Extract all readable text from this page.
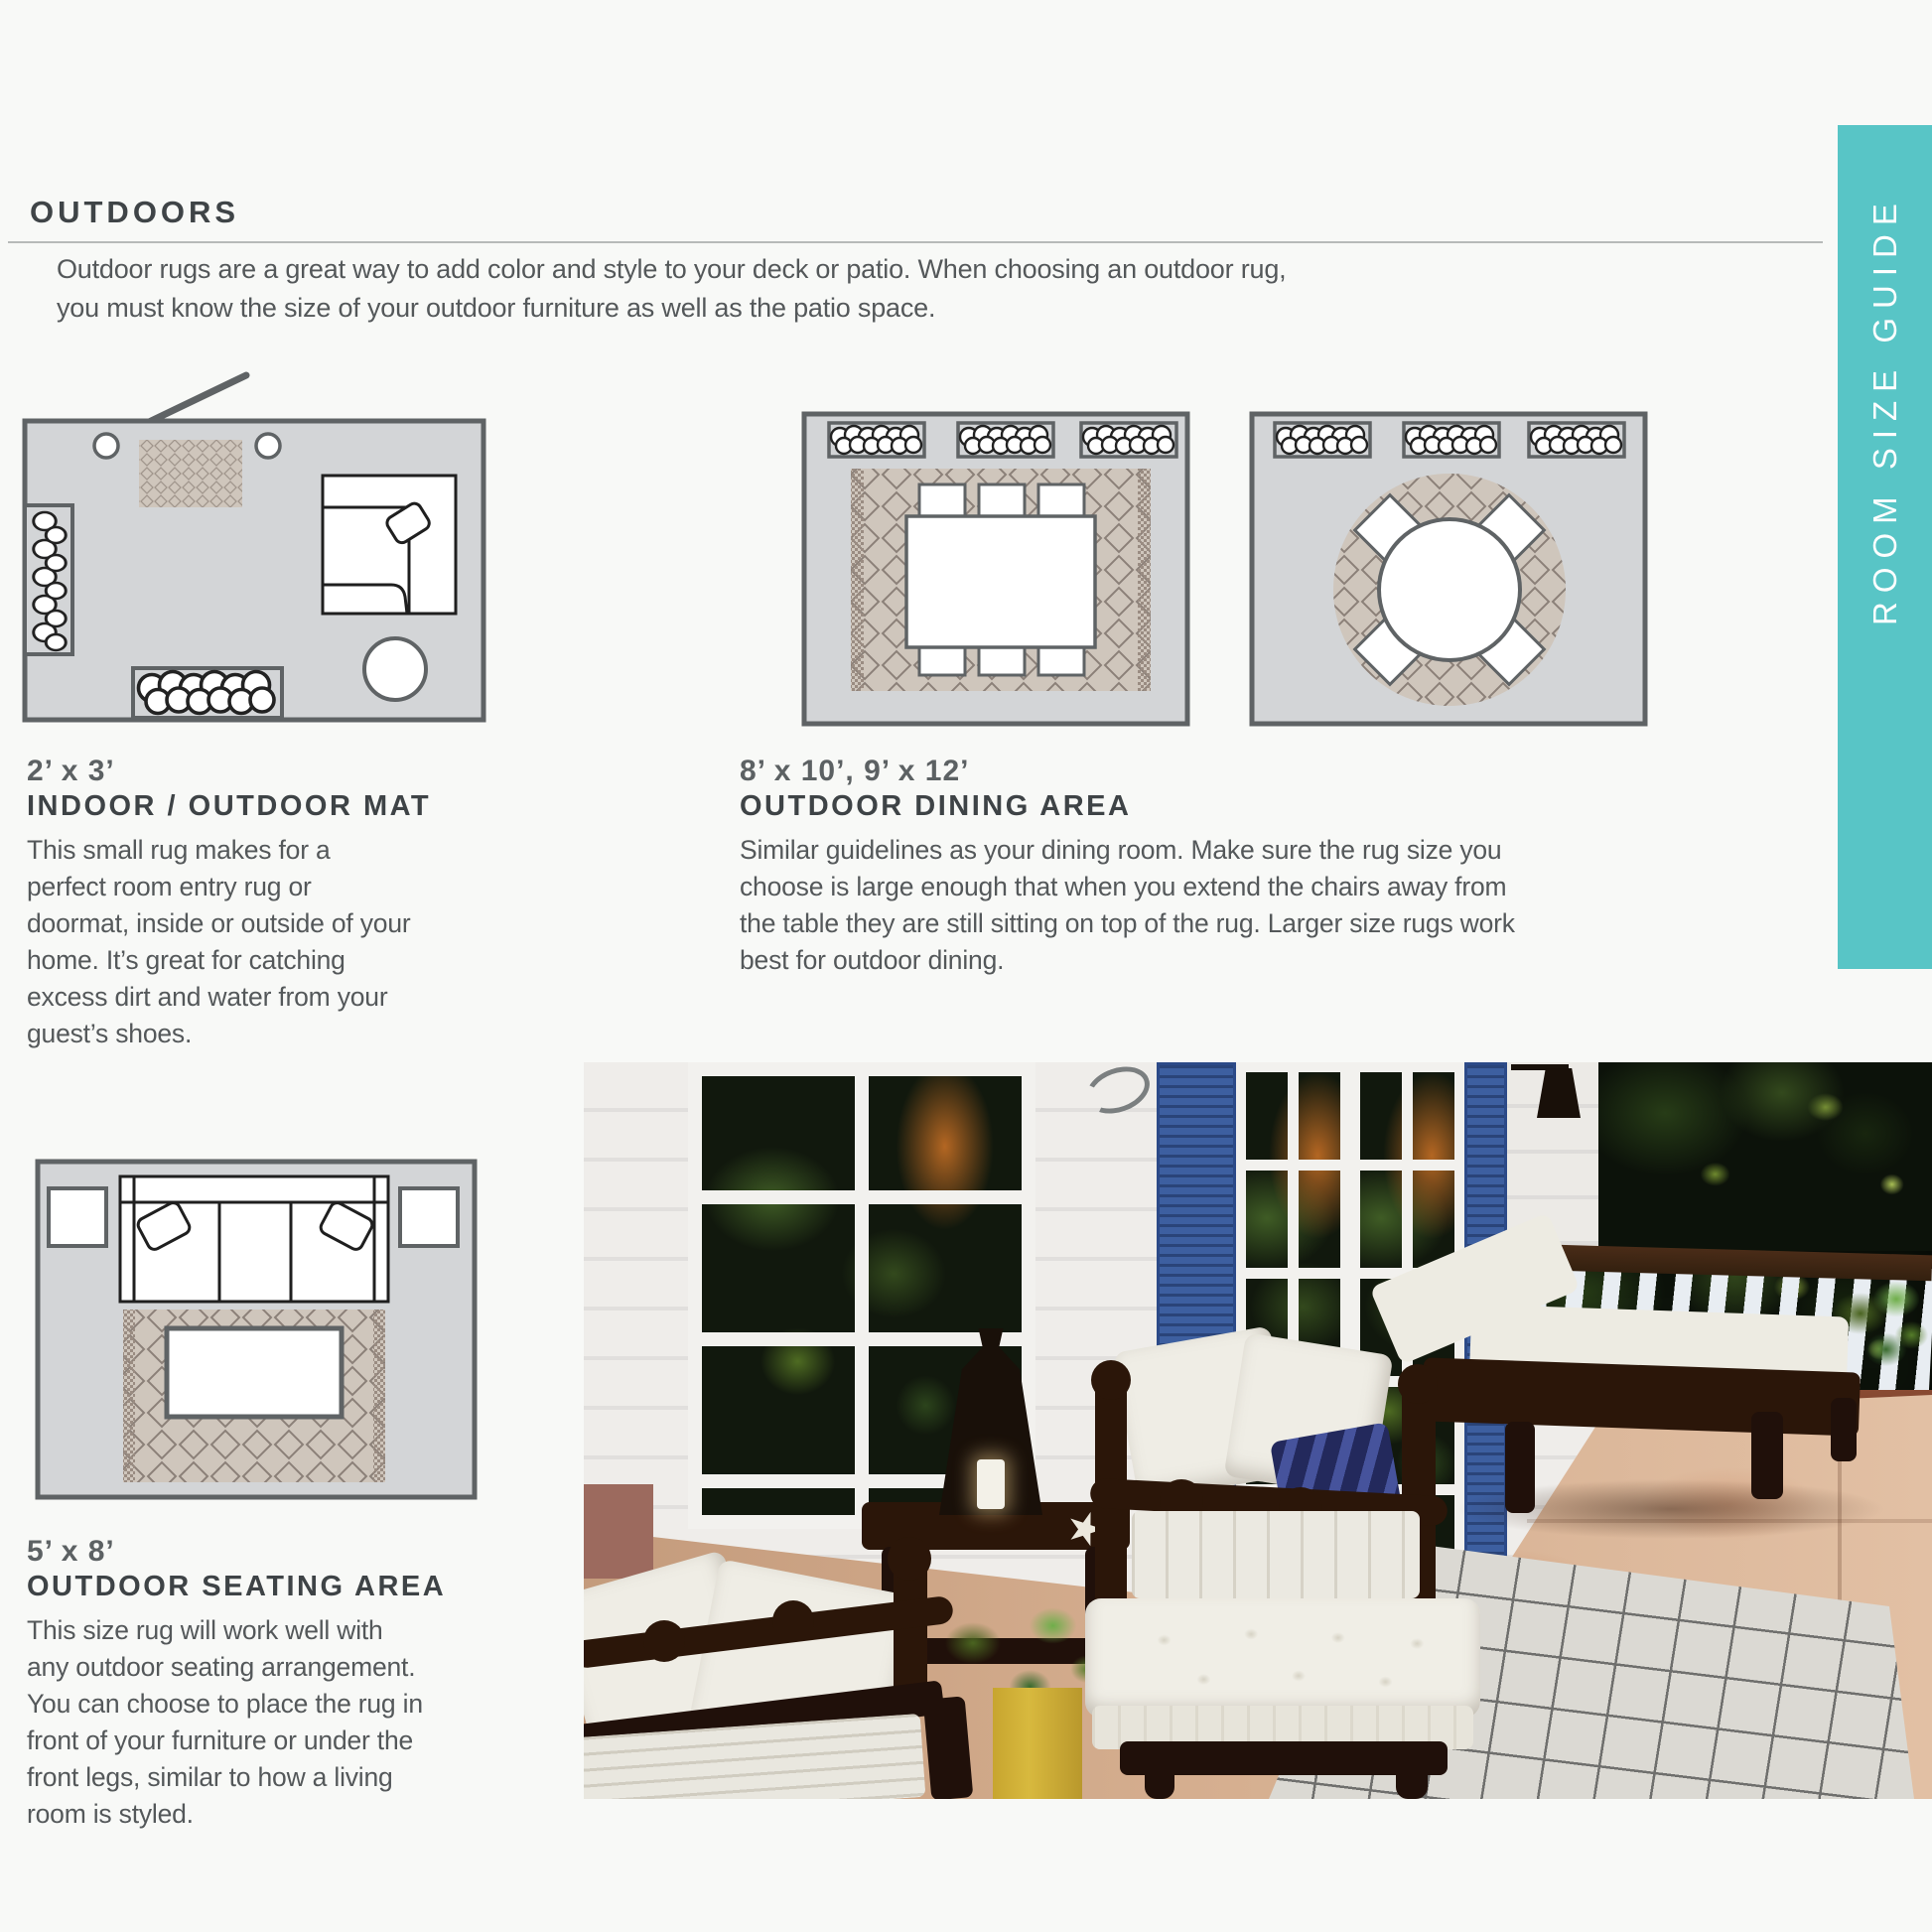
ROOM SIZE GUIDE
OUTDOORS
Outdoor rugs are a great way to add color and style to your deck or patio. When choosing an outdoor rug, you must know the size of your outdoor furniture as well as the patio space.
2’ x 3’
INDOOR / OUTDOOR MAT
This small rug makes for a perfect room entry rug or doormat, inside or outside of your home. It’s great for catching excess dirt and water from your guest’s shoes.
8’ x 10’, 9’ x 12’
OUTDOOR DINING AREA
Similar guidelines as your dining room. Make sure the rug size you choose is large enough that when you extend the chairs away from the table they are still sitting on top of the rug. Larger size rugs work best for outdoor dining.
5’ x 8’
OUTDOOR SEATING AREA
This size rug will work well with any outdoor seating arrangement. You can choose to place the rug in front of your furniture or under the front legs, similar to how a living room is styled.
